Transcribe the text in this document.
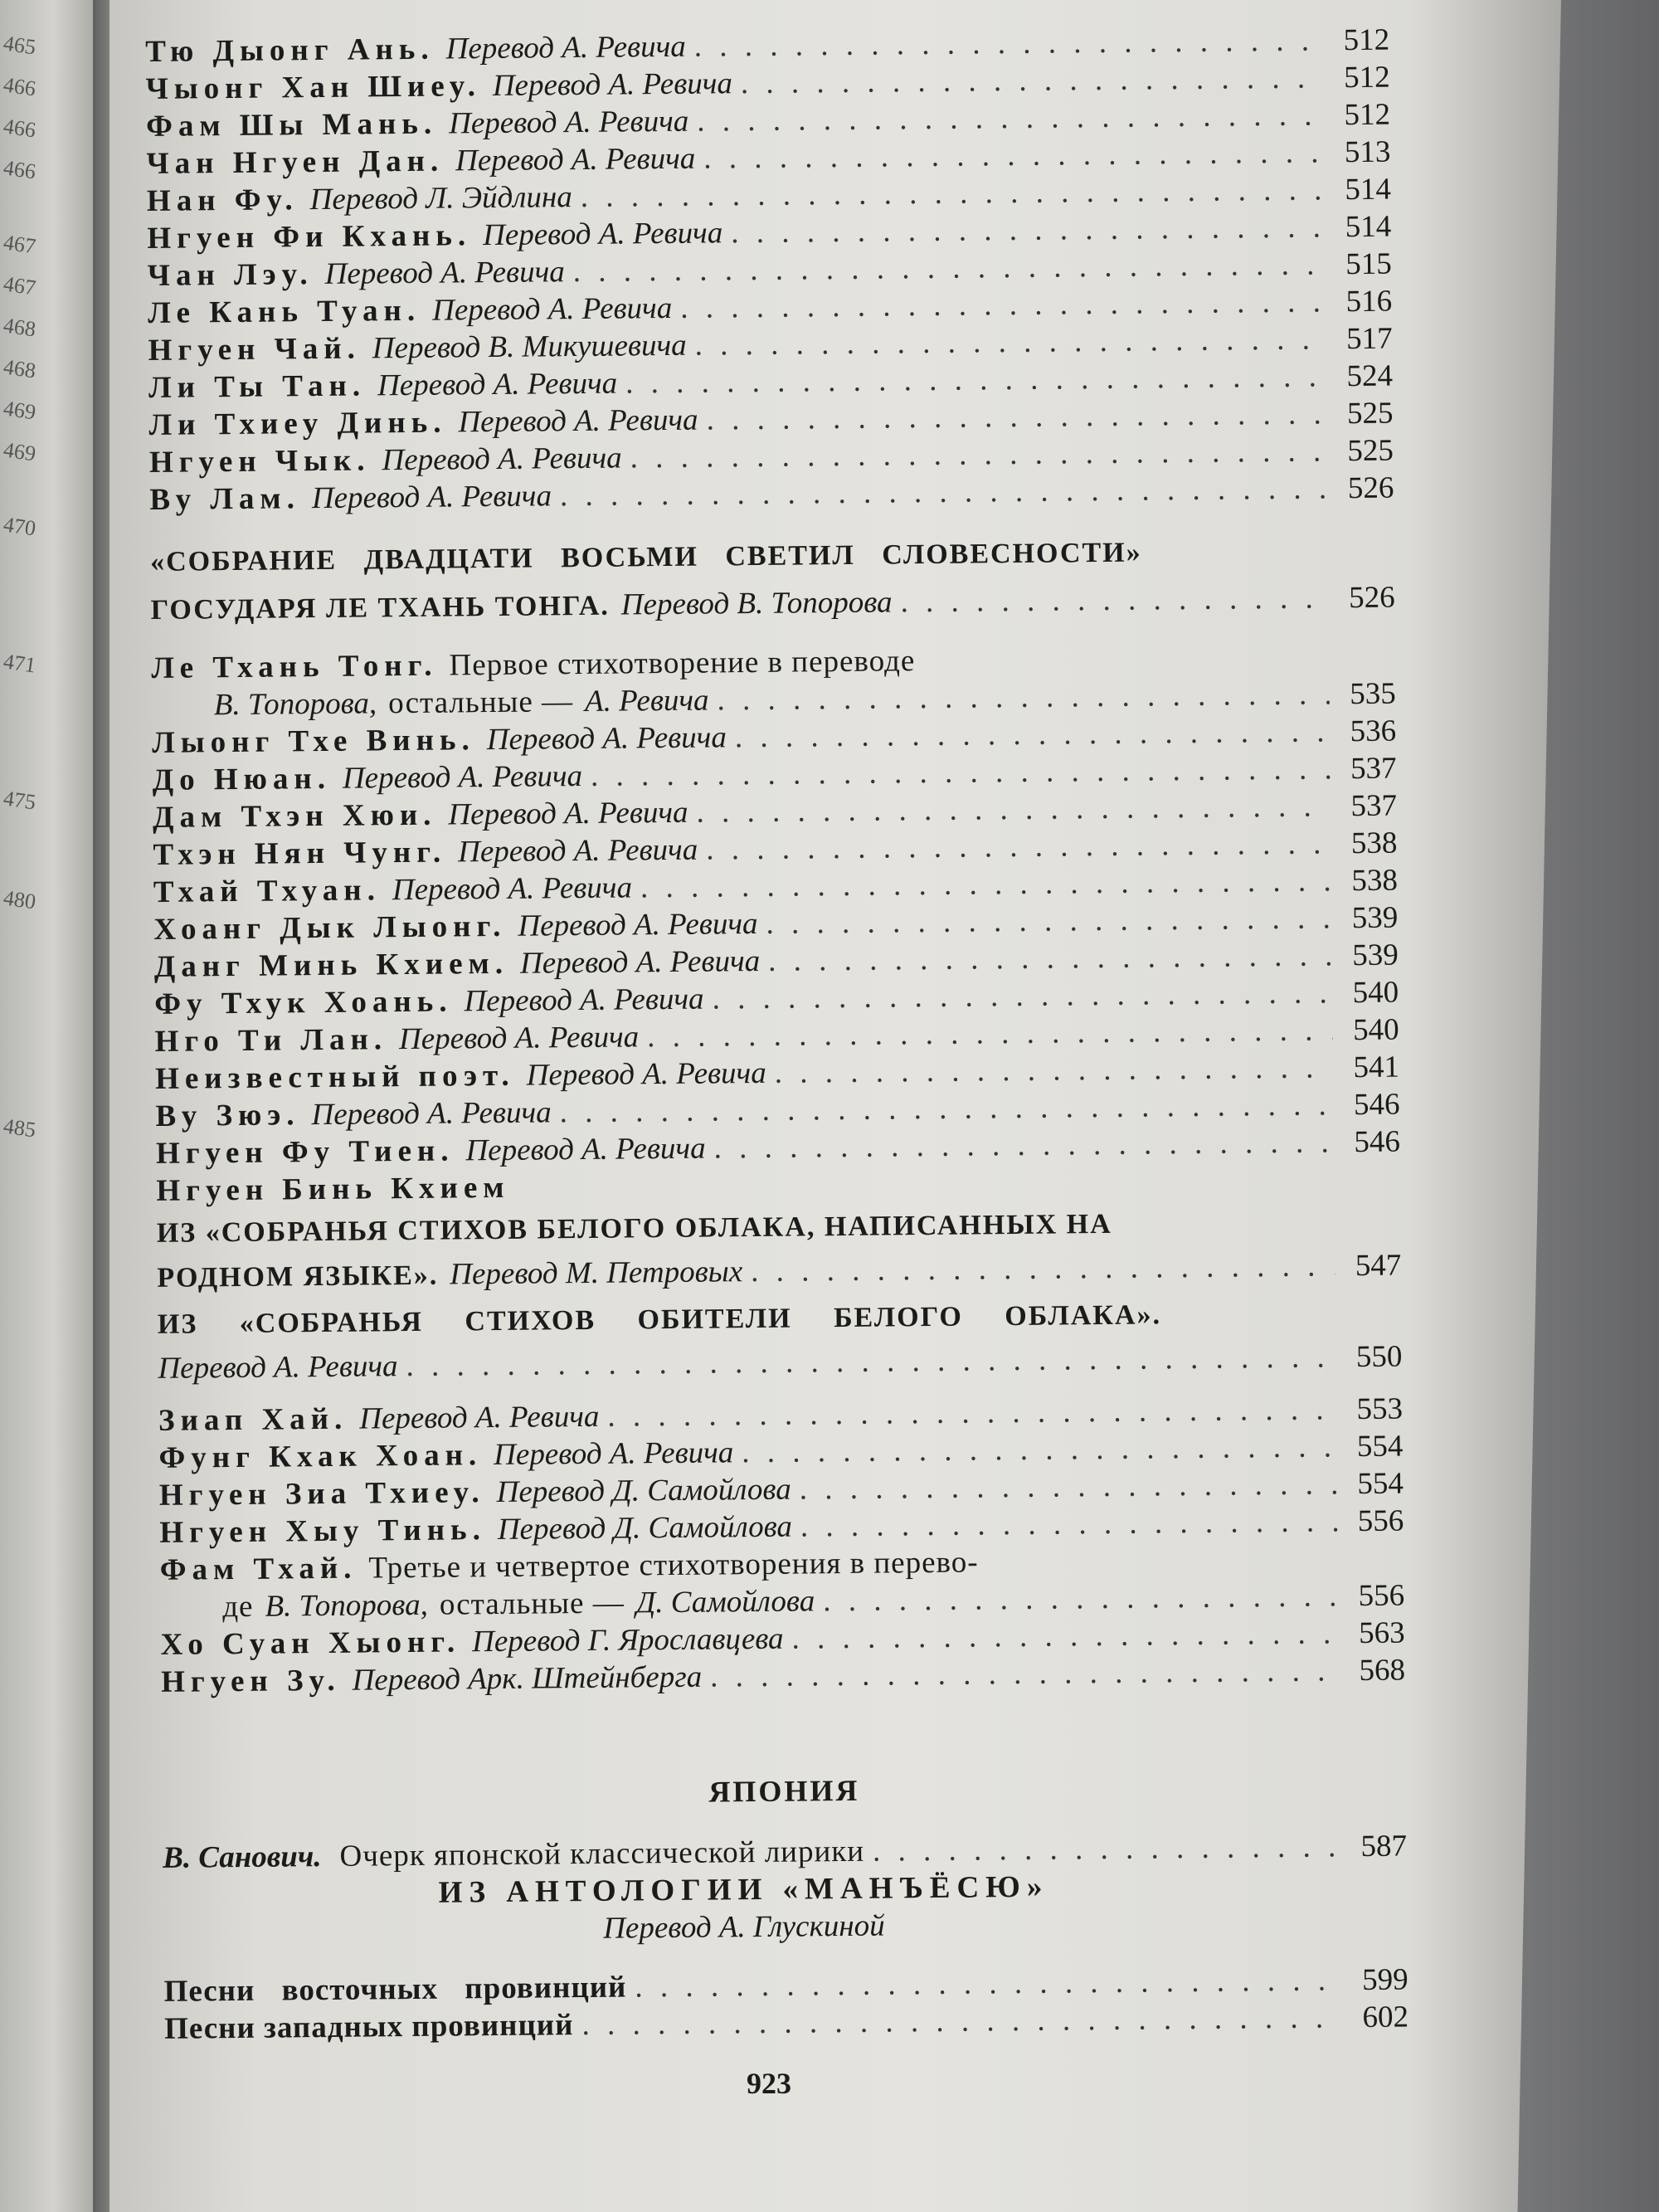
465
466
466
466
467
467
468
468
469
469
470
471
475
480
485
Тю Дыонг Ань. Перевод А. Ревича . . .	512
Чыонг Хан Шиеу. Перевод А. Ревича . . .	512
Фам Шы Мань. Перевод А. Ревича . . .	512
Чан Нгуен Дан. Перевод А. Ревича . . .	513
Нан Фу. Перевод Л. Эйдлина . . .	514
Нгуен Фи Кхань. Перевод А. Ревича . . .	514
Чан Лэу. Перевод А. Ревича . . .	515
Ле Кань Туан. Перевод А. Ревича . . .	516
Нгуен Чай. Перевод В. Микушевича . . .	517
Ли Ты Тан. Перевод А. Ревича . . .	524
Ли Тхиеу Динь. Перевод А. Ревича . . .	525
Нгуен Чык. Перевод А. Ревича . . .	525
Ву Лам. Перевод А. Ревича . . .	526
«СОБРАНИЕ ДВАДЦАТИ ВОСЬМИ СВЕТИЛ СЛОВЕСНОСТИ»
ГОСУДАРЯ ЛЕ ТХАНЬ ТОНГА. Перевод В. Топорова . . .	526
Ле Тхань Тонг. Первое стихотворение в переводе
В. Топорова, остальные — А. Ревича . . .	535
Лыонг Тхе Винь. Перевод А. Ревича . . .	536
До Нюан. Перевод А. Ревича . . .	537
Дам Тхэн Хюи. Перевод А. Ревича . . .	537
Тхэн Нян Чунг. Перевод А. Ревича . . .	538
Тхай Тхуан. Перевод А. Ревича . . .	538
Хоанг Дык Лыонг. Перевод А. Ревича . . .	539
Данг Минь Кхием. Перевод А. Ревича . . .	539
Фу Тхук Хоань. Перевод А. Ревича . . .	540
Нго Ти Лан. Перевод А. Ревича . . .	540
Неизвестный поэт. Перевод А. Ревича . . .	541
Ву Зюэ. Перевод А. Ревича . . .	546
Нгуен Фу Тиен. Перевод А. Ревича . . .	546
Нгуен Бинь Кхием
ИЗ «СОБРАНЬЯ СТИХОВ БЕЛОГО ОБЛАКА, НАПИСАННЫХ НА
РОДНОМ ЯЗЫКЕ». Перевод М. Петровых . . .	547
ИЗ «СОБРАНЬЯ СТИХОВ ОБИТЕЛИ БЕЛОГО ОБЛАКА».
Перевод А. Ревича . . .	550
Зиап Хай. Перевод А. Ревича . . .	553
Фунг Кхак Хоан. Перевод А. Ревича . . .	554
Нгуен Зиа Тхиеу. Перевод Д. Самойлова . . .	554
Нгуен Хыу Тинь. Перевод Д. Самойлова . . .	556
Фам Тхай. Третье и четвертое стихотворения в перево-
де В. Топорова, остальные — Д. Самойлова . . .	556
Хо Суан Хыонг. Перевод Г. Ярославцева . . .	563
Нгуен Зу. Перевод Арк. Штейнберга . . .	568
ЯПОНИЯ
В. Санович. Очерк японской классической лирики . . .	587
ИЗ АНТОЛОГИИ «МАНЪЁСЮ»
Перевод А. Глускиной
Песни восточных провинций . . .	599
Песни западных провинций . . .	602
923
